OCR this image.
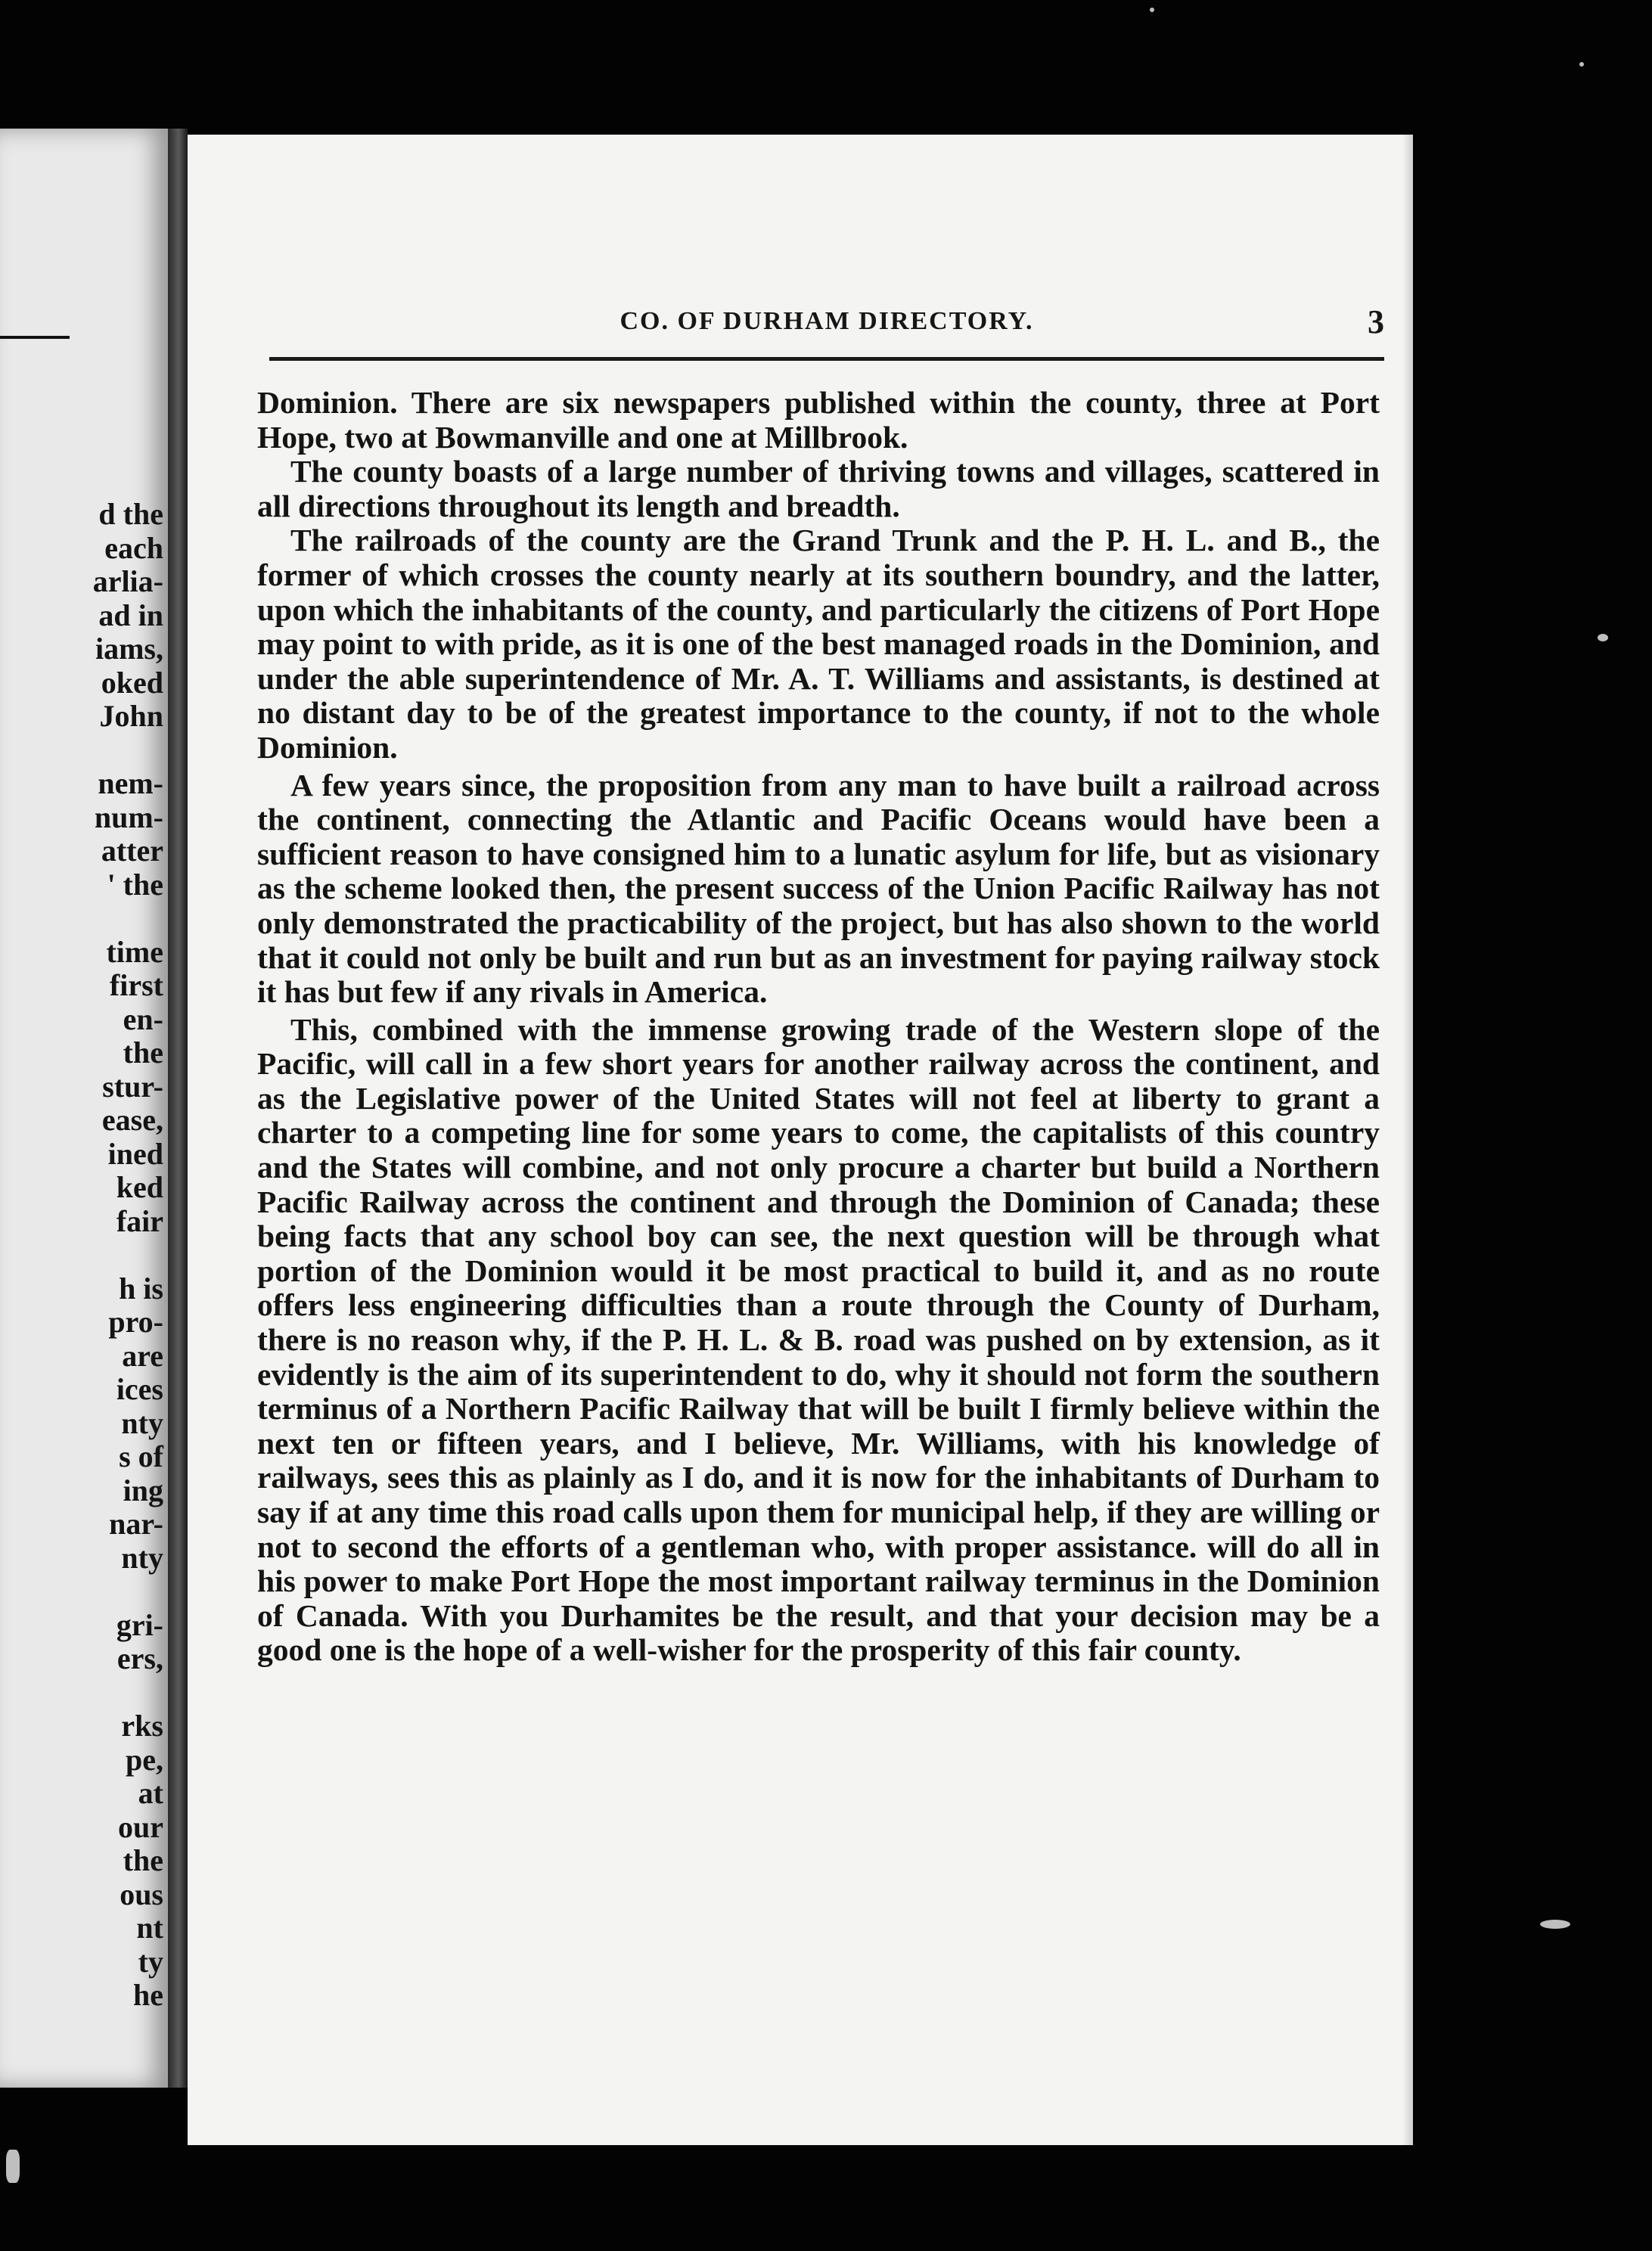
d the
each
arlia-
ad in
iams,
oked
John
nem-
num-
atter
' the
time
first
en-
the
stur-
ease,
ined
ked
fair
h is
pro-
are
ices
nty
s of
ing
nar-
nty
gri-
ers,
rks
pe,
at
our
the
ous
nt
ty
he
CO. OF DURHAM DIRECTORY.	3

Dominion. There are six newspapers published within the county, three at Port Hope, two at Bowmanville and one at Millbrook.

The county boasts of a large number of thriving towns and villages, scattered in all directions throughout its length and breadth.

The railroads of the county are the Grand Trunk and the P. H. L. and B., the former of which crosses the county nearly at its southern boundry, and the latter, upon which the inhabitants of the county, and particularly the citizens of Port Hope may point to with pride, as it is one of the best managed roads in the Dominion, and under the able superintendence of Mr. A. T. Williams and assistants, is destined at no distant day to be of the greatest importance to the county, if not to the whole Dominion.

A few years since, the proposition from any man to have built a railroad across the continent, connecting the Atlantic and Pacific Oceans would have been a sufficient reason to have consigned him to a lunatic asylum for life, but as visionary as the scheme looked then, the present success of the Union Pacific Railway has not only demonstrated the practicability of the project, but has also shown to the world that it could not only be built and run but as an investment for paying railway stock it has but few if any rivals in America.

This, combined with the immense growing trade of the Western slope of the Pacific, will call in a few short years for another railway across the continent, and as the Legislative power of the United States will not feel at liberty to grant a charter to a competing line for some years to come, the capitalists of this country and the States will combine, and not only procure a charter but build a Northern Pacific Railway across the continent and through the Dominion of Canada; these being facts that any school boy can see, the next question will be through what portion of the Dominion would it be most practical to build it, and as no route offers less engineering difficulties than a route through the County of Durham, there is no reason why, if the P. H. L. & B. road was pushed on by extension, as it evidently is the aim of its superintendent to do, why it should not form the southern terminus of a Northern Pacific Railway that will be built I firmly believe within the next ten or fifteen years, and I believe, Mr. Williams, with his knowledge of railways, sees this as plainly as I do, and it is now for the inhabitants of Durham to say if at any time this road calls upon them for municipal help, if they are willing or not to second the efforts of a gentleman who, with proper assistance. will do all in his power to make Port Hope the most important railway terminus in the Dominion of Canada. With you Durhamites be the result, and that your decision may be a good one is the hope of a well-wisher for the prosperity of this fair county.
